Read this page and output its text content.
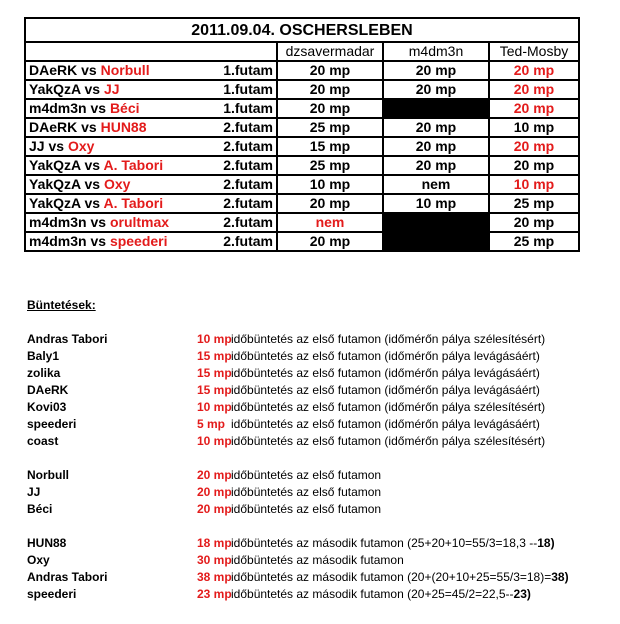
2011.09.04. OSCHERSLEBEN			
	dzsavermadar	m4dm3n	Ted-Mosby
DAeRK vs Norbull 1.futam	20 mp	20 mp	20 mp
YakQzA vs JJ 1.futam	20 mp	20 mp	20 mp
m4dm3n vs Béci 1.futam	20 mp		20 mp
DAeRK vs HUN88 2.futam	25 mp	20 mp	10 mp
JJ vs Oxy 2.futam	15 mp	20 mp	20 mp
YakQzA vs A. Tabori 2.futam	25 mp	20 mp	20 mp
YakQzA vs Oxy 2.futam	10 mp	nem	10 mp
YakQzA vs A. Tabori 2.futam	20 mp	10 mp	25 mp
m4dm3n vs orultmax 2.futam	nem		20 mp
m4dm3n vs speederi 2.futam	20 mp		25 mp
Büntetések:
Andras Tabori	10 mp időbüntetés az első futamon (időmérőn pálya szélesítésért)
Baly1	15 mp időbüntetés az első futamon (időmérőn pálya levágásáért)
zolika	15 mp időbüntetés az első futamon (időmérőn pálya levágásáért)
DAeRK	15 mp időbüntetés az első futamon (időmérőn pálya levágásáért)
Kovi03	10 mp időbüntetés az első futamon (időmérőn pálya szélesítésért)
speederi	5 mp időbüntetés az első futamon (időmérőn pálya levágásáért)
coast	10 mp időbüntetés az első futamon (időmérőn pálya szélesítésért)
Norbull	20 mp időbüntetés az első futamon
JJ	20 mp időbüntetés az első futamon
Béci	20 mp időbüntetés az első futamon
HUN88	18 mp időbüntetés az második futamon (25+20+10=55/3=18,3 --18)
Oxy	30 mp időbüntetés az második futamon
Andras Tabori	38 mp időbüntetés az második futamon (20+(20+10+25=55/3=18)=38)
speederi	23 mp időbüntetés az második futamon (20+25=45/2=22,5--23)
